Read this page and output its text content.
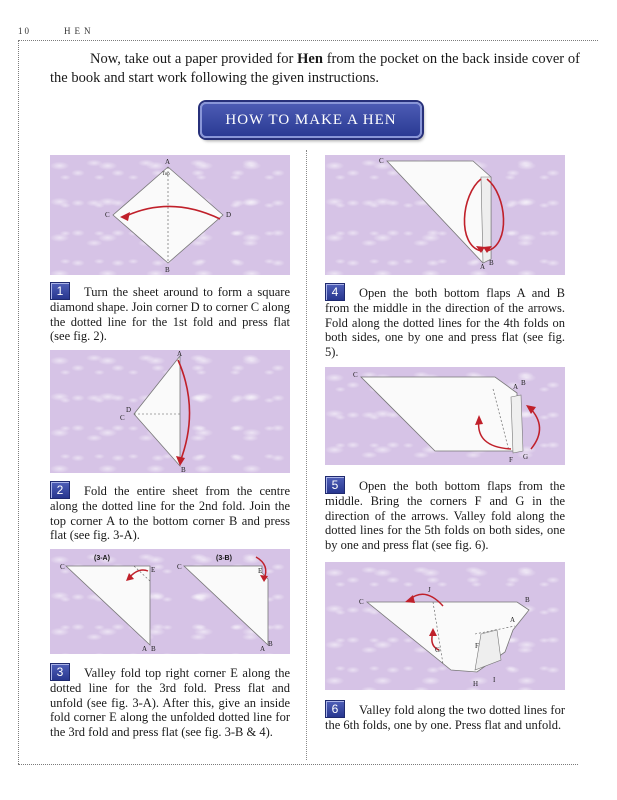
10	HEN

Now, take out a paper provided for Hen from the pocket on the back inside cover of the book and start work following the given instructions.

HOW TO MAKE A HEN
A
Top
C	D
B
1 Turn the sheet around to form a square diamond shape. Join corner D to corner C along the dotted line for the 1st fold and press flat (see fig. 2).
A
D
C
B
2 Fold the entire sheet from the centre along the dotted line for the 2nd fold. Join the top corner A to the bottom corner B and press flat (see fig. 3-A).
(3-A)	(3-B)
C	E
A B
C	E
A
B
3 Valley fold top right corner E along the dotted line for the 3rd fold. Press flat and unfold (see fig. 3-A). After this, give an inside fold corner E along the unfolded dotted line for the 3rd fold and press flat (see fig. 3-B & 4).
C
A B
4 Open the both bottom flaps A and B from the middle in the direction of the arrows. Fold along the dotted lines for the 4th folds on both sides, one by one and press flat (see fig. 5).
C
A B
F G
5 Open the both bottom flaps from the middle. Bring the corners F and G in the direction of the arrows. Valley fold along the dotted lines for the 5th folds on both sides, one by one and press flat (see fig. 6).
C	B
A
F
G
H I
J
6 Valley fold along the two dotted lines for the 6th folds, one by one. Press flat and unfold.
